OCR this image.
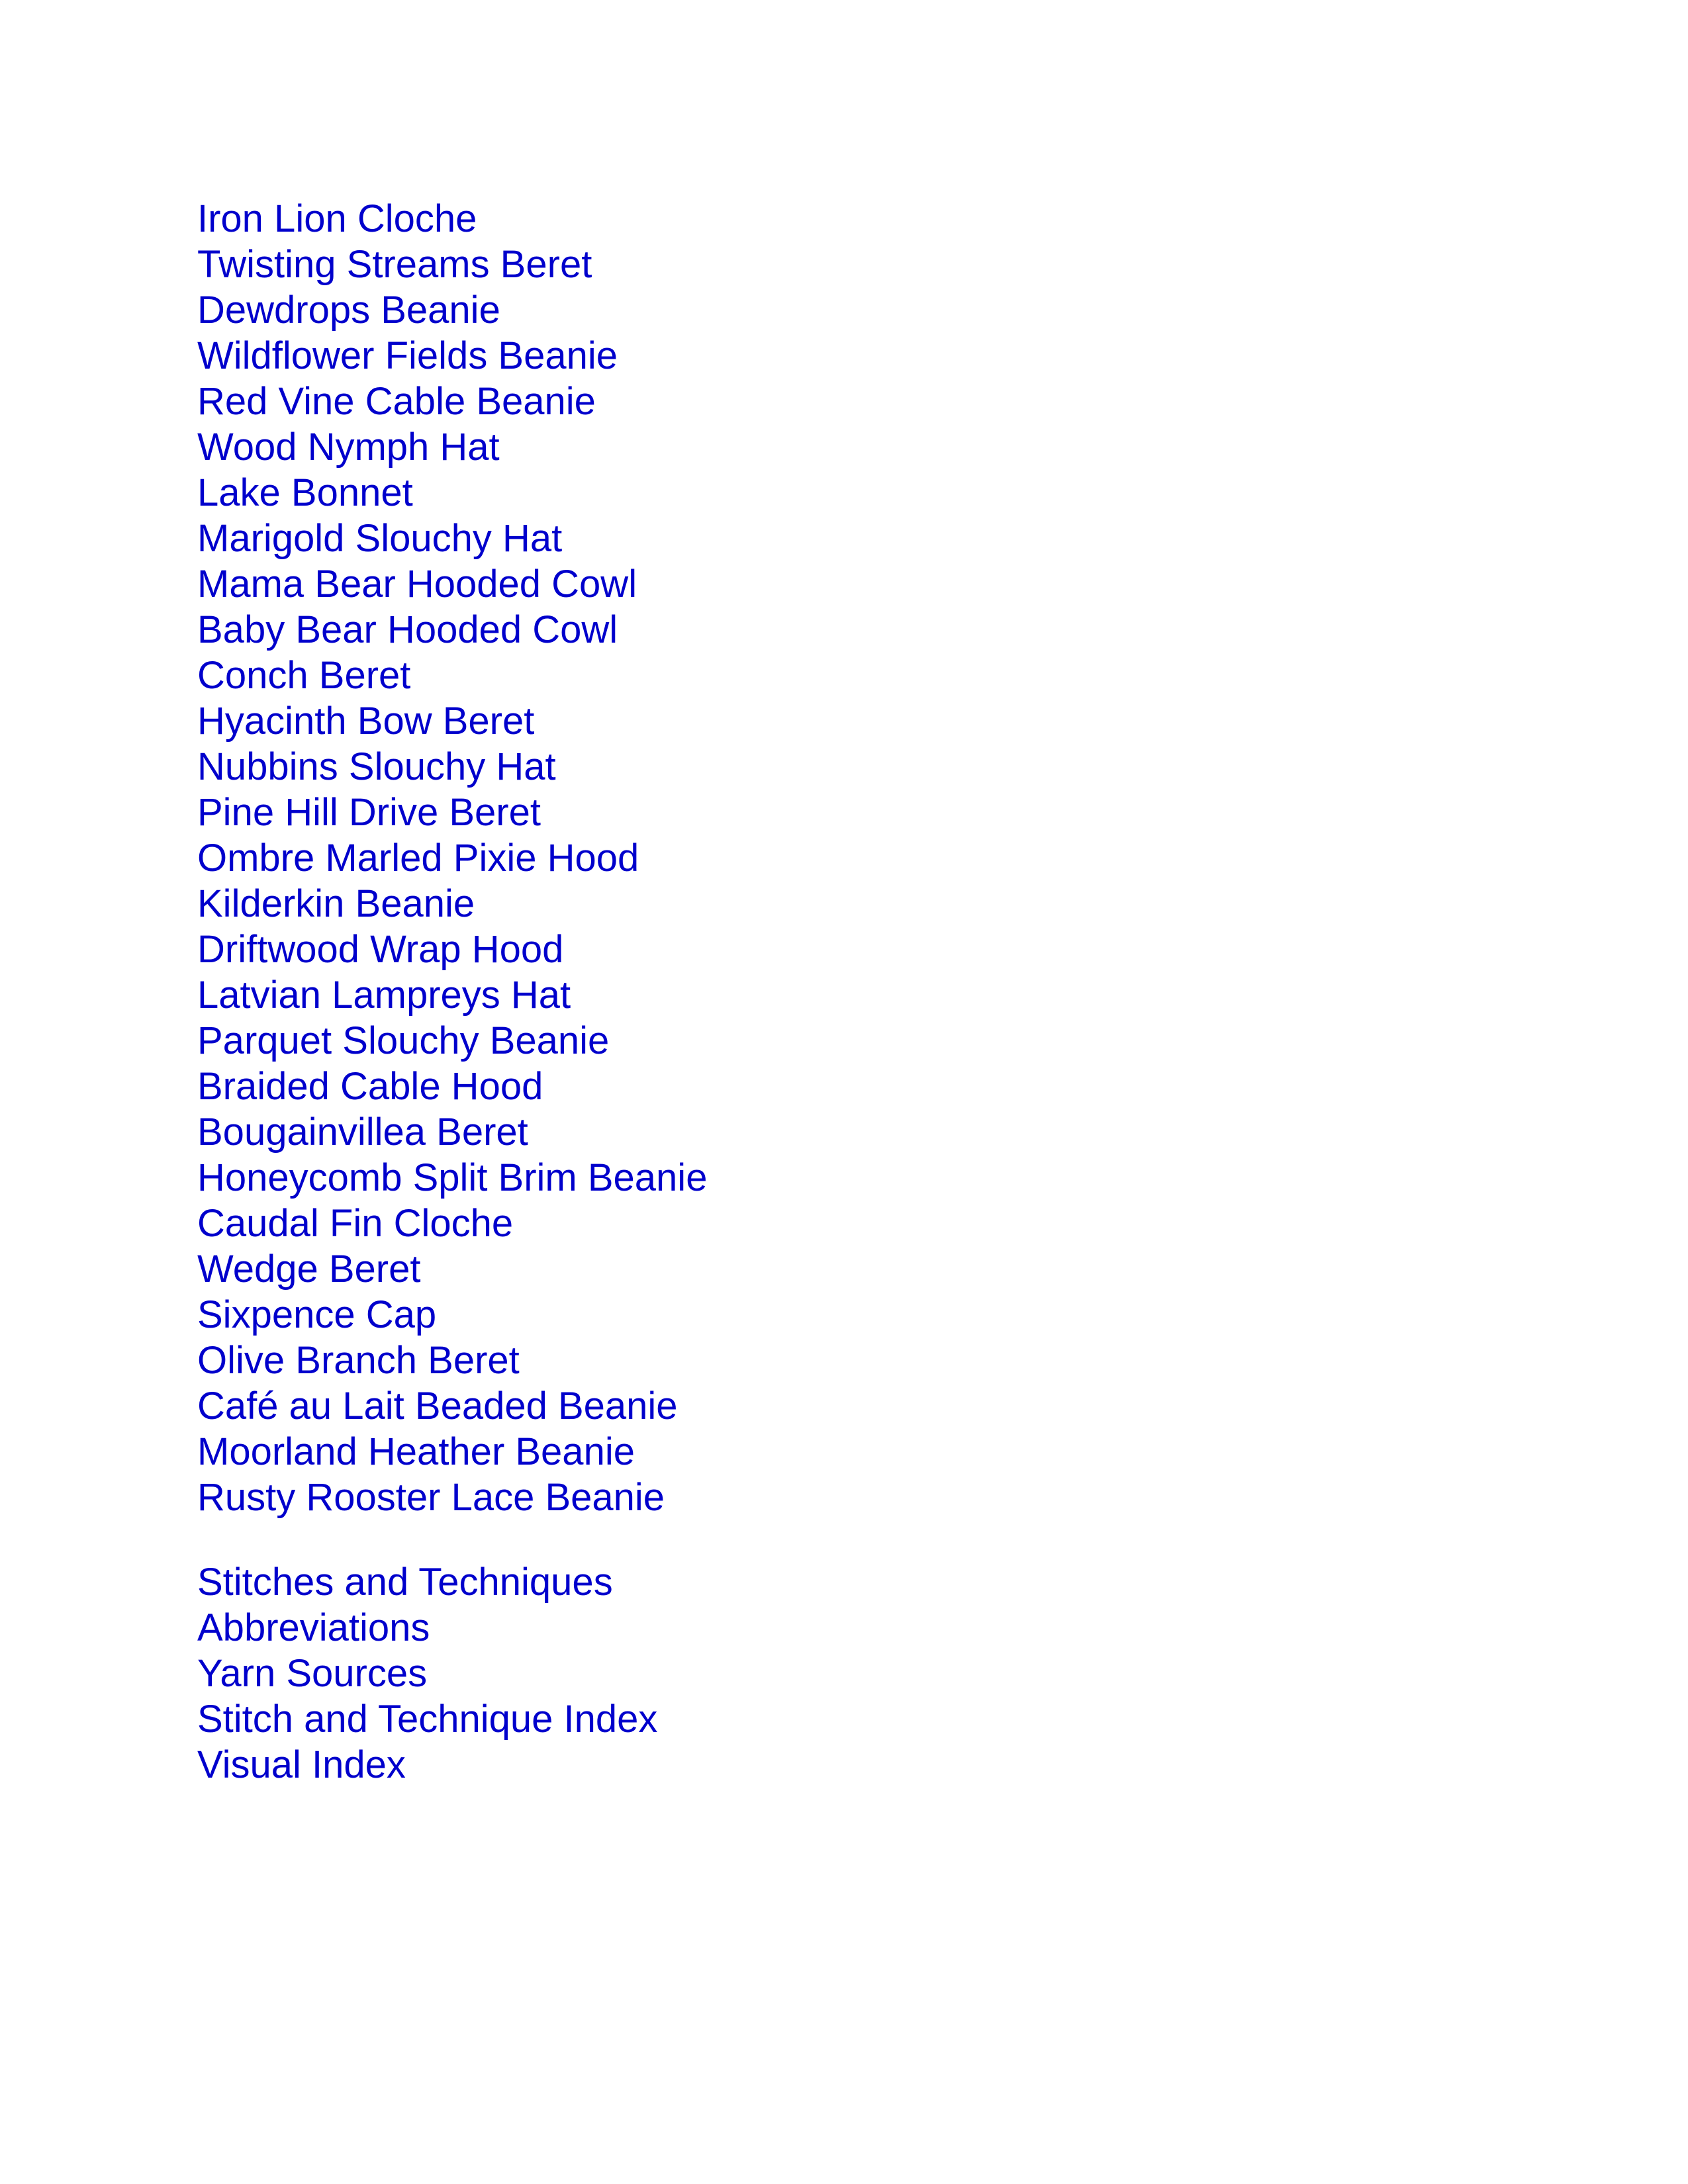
Iron Lion Cloche
Twisting Streams Beret
Dewdrops Beanie
Wildflower Fields Beanie
Red Vine Cable Beanie
Wood Nymph Hat
Lake Bonnet
Marigold Slouchy Hat
Mama Bear Hooded Cowl
Baby Bear Hooded Cowl
Conch Beret
Hyacinth Bow Beret
Nubbins Slouchy Hat
Pine Hill Drive Beret
Ombre Marled Pixie Hood
Kilderkin Beanie
Driftwood Wrap Hood
Latvian Lampreys Hat
Parquet Slouchy Beanie
Braided Cable Hood
Bougainvillea Beret
Honeycomb Split Brim Beanie
Caudal Fin Cloche
Wedge Beret
Sixpence Cap
Olive Branch Beret
Café au Lait Beaded Beanie
Moorland Heather Beanie
Rusty Rooster Lace Beanie
Stitches and Techniques
Abbreviations
Yarn Sources
Stitch and Technique Index
Visual Index
